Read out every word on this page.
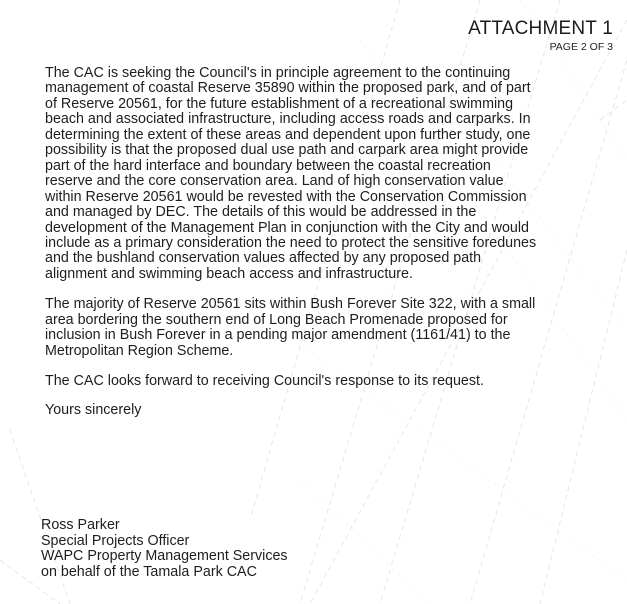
ATTACHMENT 1
PAGE 2 OF 3

The CAC is seeking the Council's in principle agreement to the continuing
management of coastal Reserve 35890 within the proposed park, and of part
of Reserve 20561, for the future establishment of a recreational swimming
beach and associated infrastructure, including access roads and carparks. In
determining the extent of these areas and dependent upon further study, one
possibility is that the proposed dual use path and carpark area might provide
part of the hard interface and boundary between the coastal recreation
reserve and the core conservation area. Land of high conservation value
within Reserve 20561 would be revested with the Conservation Commission
and managed by DEC. The details of this would be addressed in the
development of the Management Plan in conjunction with the City and would
include as a primary consideration the need to protect the sensitive foredunes
and the bushland conservation values affected by any proposed path
alignment and swimming beach access and infrastructure.

The majority of Reserve 20561 sits within Bush Forever Site 322, with a small
area bordering the southern end of Long Beach Promenade proposed for
inclusion in Bush Forever in a pending major amendment (1161/41) to the
Metropolitan Region Scheme.

The CAC looks forward to receiving Council's response to its request.

Yours sincerely

Ross Parker
Special Projects Officer
WAPC Property Management Services
on behalf of the Tamala Park CAC
